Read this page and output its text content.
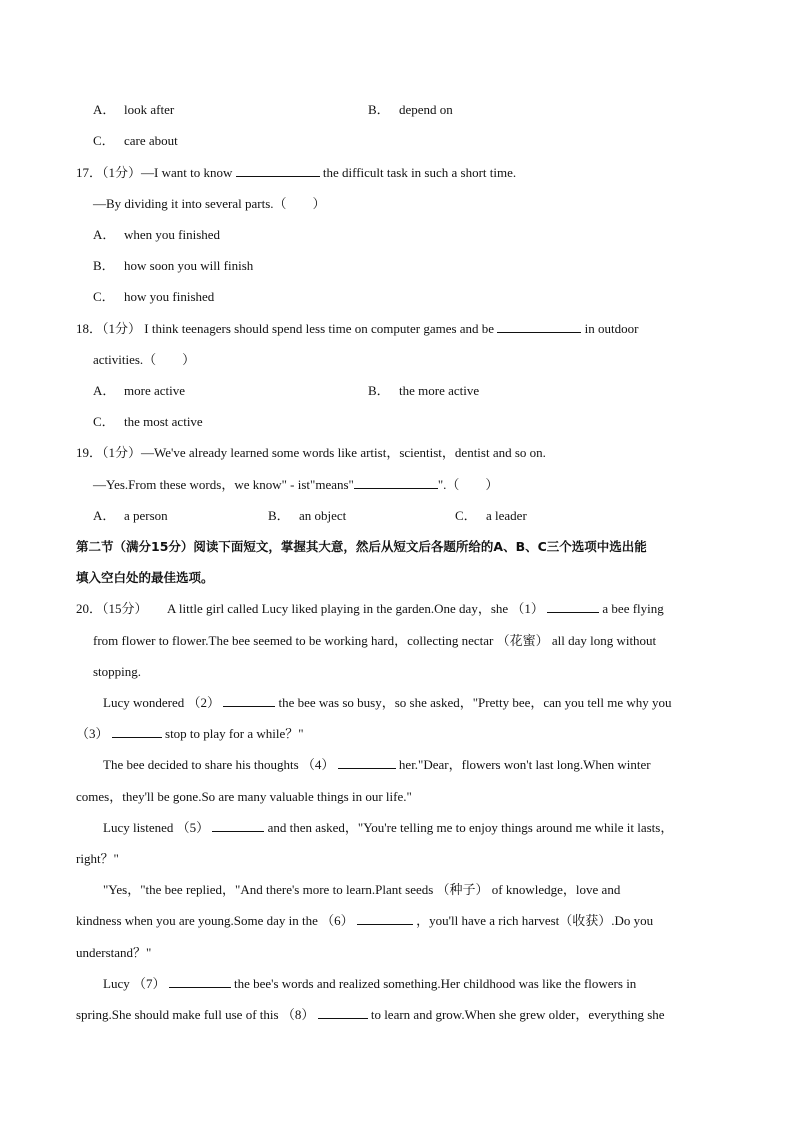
A． look after	B． depend on
C． care about
17．（1分）—I want to know	the difficult task in such a short time.
—By dividing it into several parts.（　　）
A． when you finished
B． how soon you will finish
C． how you finished
18．（1分） I think teenagers should spend less time on computer games and be	in outdoor
activities.（　　）
A． more active	B． the more active
C． the most active
19．（1分）—We've already learned some words like artist，scientist，dentist and so on.
—Yes.From these words，we know" - ist"means"	".（　　）
A． a person	B． an object	C． a leader
第二节（满分15分）阅读下面短文，掌握其大意，然后从短文后各题所给的A、B、C三个选项中选出能
填入空白处的最佳选项。
20．（15分）　　A little girl called Lucy liked playing in the garden.One day，she （1）	a bee flying
from flower to flower.The bee seemed to be working hard，collecting nectar （花蜜） all day long without
stopping.
Lucy wondered （2）	the bee was so busy，so she asked，"Pretty bee，can you tell me why you
（3）	stop to play for a while？"
The bee decided to share his thoughts （4）	her."Dear，flowers won't last long.When winter
comes，they'll be gone.So are many valuable things in our life."
Lucy listened （5）	and then asked，"You're telling me to enjoy things around me while it lasts，
right？"
"Yes，"the bee replied，"And there's more to learn.Plant seeds （种子） of knowledge，love and
kindness when you are young.Some day in the （6）	，you'll have a rich harvest（收获）.Do you
understand？"
Lucy （7）	the bee's words and realized something.Her childhood was like the flowers in
spring.She should make full use of this （8）	to learn and grow.When she grew older，everything she
